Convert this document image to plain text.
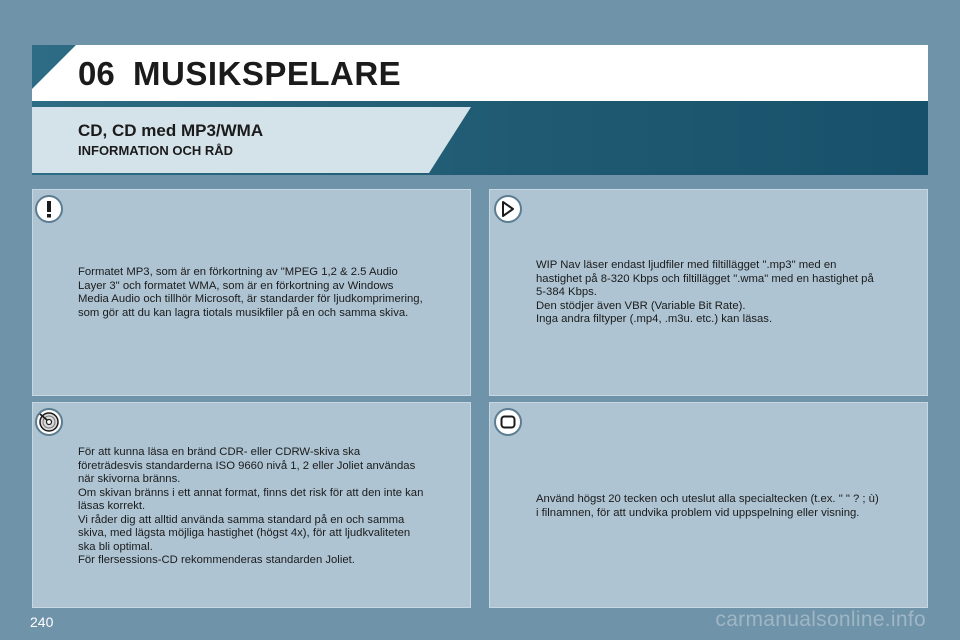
06 MUSIKSPELARE
CD, CD med MP3/WMA
INFORMATION OCH RÅD
Formatet MP3, som är en förkortning av "MPEG 1,2 & 2.5 Audio
Layer 3" och formatet WMA, som är en förkortning av Windows
Media Audio och tillhör Microsoft, är standarder för ljudkomprimering,
som gör att du kan lagra tiotals musikfiler på en och samma skiva.
WIP Nav läser endast ljudfiler med filtillägget ".mp3" med en
hastighet på 8-320 Kbps och filtillägget ".wma" med en hastighet på
5-384 Kbps.
Den stödjer även VBR (Variable Bit Rate).
Inga andra filtyper (.mp4, .m3u. etc.) kan läsas.
För att kunna läsa en bränd CDR- eller CDRW-skiva ska
företrädesvis standarderna ISO 9660 nivå 1, 2 eller Joliet användas
när skivorna bränns.
Om skivan bränns i ett annat format, finns det risk för att den inte kan
läsas korrekt.
Vi råder dig att alltid använda samma standard på en och samma
skiva, med lägsta möjliga hastighet (högst 4x), för att ljudkvaliteten
ska bli optimal.
För flersessions-CD rekommenderas standarden Joliet.
Använd högst 20 tecken och uteslut alla specialtecken (t.ex. " " ? ; ù)
i filnamnen, för att undvika problem vid uppspelning eller visning.
240	carmanualsonline.info
